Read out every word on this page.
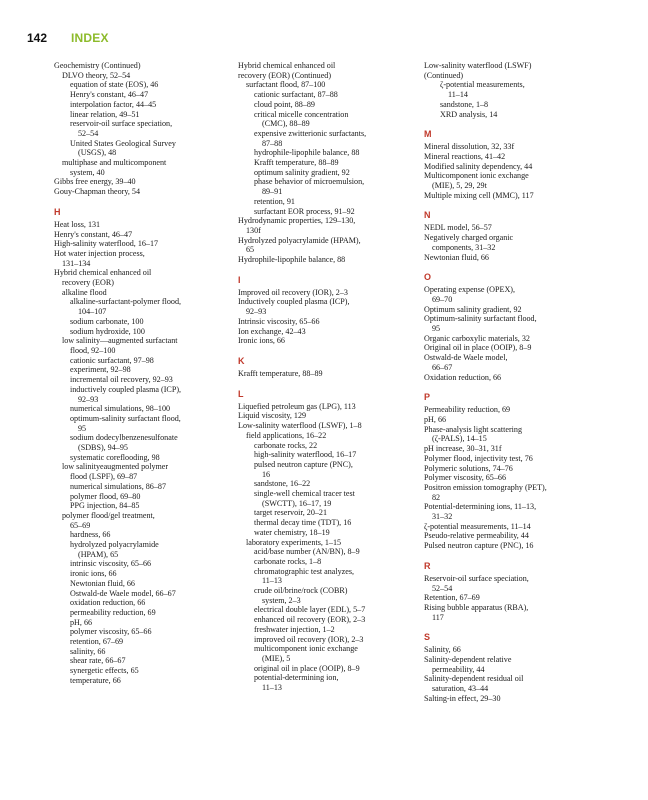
142	INDEX
Geochemistry (Continued)
DLVO theory, 52–54
equation of state (EOS), 46
Henry's constant, 46–47
interpolation factor, 44–45
linear relation, 49–51
reservoir-oil surface speciation,
52–54
United States Geological Survey
(USGS), 48
multiphase and multicomponent
system, 40
Gibbs free energy, 39–40
Gouy-Chapman theory, 54
H
Heat loss, 131
Henry's constant, 46–47
High-salinity waterflood, 16–17
Hot water injection process,
131–134
Hybrid chemical enhanced oil
recovery (EOR)
alkaline flood
alkaline-surfactant-polymer flood,
104–107
sodium carbonate, 100
sodium hydroxide, 100
low salinity—augmented surfactant
flood, 92–100
cationic surfactant, 97–98
experiment, 92–98
incremental oil recovery, 92–93
inductively coupled plasma (ICP),
92–93
numerical simulations, 98–100
optimum-salinity surfactant flood,
95
sodium dodecylbenzenesulfonate
(SDBS), 94–95
systematic coreflooding, 98
low salinityeaugmented polymer
flood (LSPF), 69–87
numerical simulations, 86–87
polymer flood, 69–80
PPG injection, 84–85
polymer flood/gel treatment,
65–69
hardness, 66
hydrolyzed polyacrylamide
(HPAM), 65
intrinsic viscosity, 65–66
ironic ions, 66
Newtonian fluid, 66
Ostwald-de Waele model, 66–67
oxidation reduction, 66
permeability reduction, 69
pH, 66
polymer viscosity, 65–66
retention, 67–69
salinity, 66
shear rate, 66–67
synergetic effects, 65
temperature, 66
Hybrid chemical enhanced oil
recovery (EOR) (Continued)
surfactant flood, 87–100
cationic surfactant, 87–88
cloud point, 88–89
critical micelle concentration
(CMC), 88–89
expensive zwitterionic surfactants,
87–88
hydrophile-lipophile balance, 88
Krafft temperature, 88–89
optimum salinity gradient, 92
phase behavior of microemulsion,
89–91
retention, 91
surfactant EOR process, 91–92
Hydrodynamic properties, 129–130,
130f
Hydrolyzed polyacrylamide (HPAM),
65
Hydrophile-lipophile balance, 88
I
Improved oil recovery (IOR), 2–3
Inductively coupled plasma (ICP),
92–93
Intrinsic viscosity, 65–66
Ion exchange, 42–43
Ironic ions, 66
K
Krafft temperature, 88–89
L
Liquefied petroleum gas (LPG), 113
Liquid viscosity, 129
Low-salinity waterflood (LSWF), 1–8
field applications, 16–22
carbonate rocks, 22
high-salinity waterflood, 16–17
pulsed neutron capture (PNC),
16
sandstone, 16–22
single-well chemical tracer test
(SWCTT), 16–17, 19
target reservoir, 20–21
thermal decay time (TDT), 16
water chemistry, 18–19
laboratory experiments, 1–15
acid/base number (AN/BN), 8–9
carbonate rocks, 1–8
chromatographic test analyzes,
11–13
crude oil/brine/rock (COBR)
system, 2–3
electrical double layer (EDL), 5–7
enhanced oil recovery (EOR), 2–3
freshwater injection, 1–2
improved oil recovery (IOR), 2–3
multicomponent ionic exchange
(MIE), 5
original oil in place (OOIP), 8–9
potential-determining ion,
11–13
Low-salinity waterflood (LSWF)
(Continued)
ζ-potential measurements,
11–14
sandstone, 1–8
XRD analysis, 14
M
Mineral dissolution, 32, 33f
Mineral reactions, 41–42
Modified salinity dependency, 44
Multicomponent ionic exchange
(MIE), 5, 29, 29t
Multiple mixing cell (MMC), 117
N
NEDL model, 56–57
Negatively charged organic
components, 31–32
Newtonian fluid, 66
O
Operating expense (OPEX),
69–70
Optimum salinity gradient, 92
Optimum-salinity surfactant flood,
95
Organic carboxylic materials, 32
Original oil in place (OOIP), 8–9
Ostwald-de Waele model,
66–67
Oxidation reduction, 66
P
Permeability reduction, 69
pH, 66
Phase-analysis light scattering
(ζ-PALS), 14–15
pH increase, 30–31, 31f
Polymer flood, injectivity test, 76
Polymeric solutions, 74–76
Polymer viscosity, 65–66
Positron emission tomography (PET),
82
Potential-determining ions, 11–13,
31–32
ζ-potential measurements, 11–14
Pseudo-relative permeability, 44
Pulsed neutron capture (PNC), 16
R
Reservoir-oil surface speciation,
52–54
Retention, 67–69
Rising bubble apparatus (RBA),
117
S
Salinity, 66
Salinity-dependent relative
permeability, 44
Salinity-dependent residual oil
saturation, 43–44
Salting-in effect, 29–30
